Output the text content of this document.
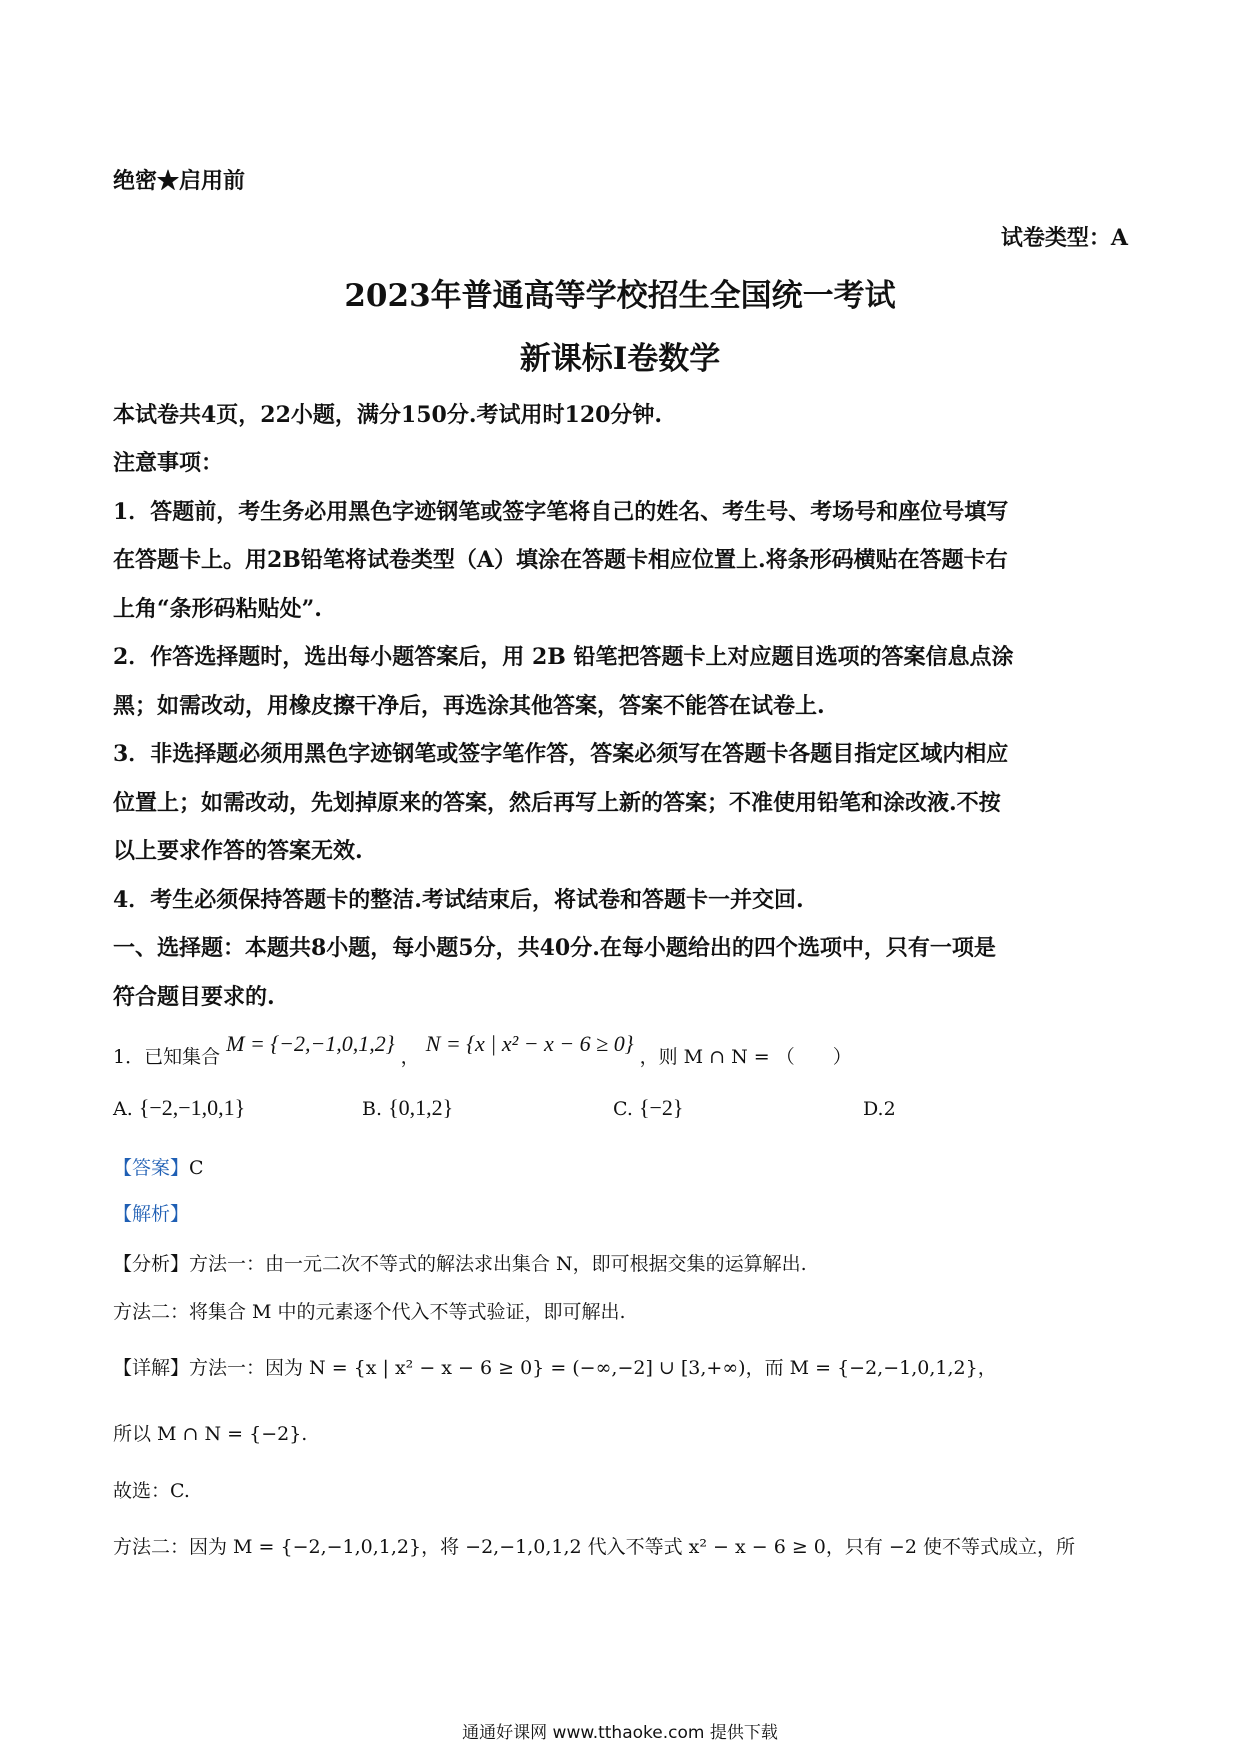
绝密★启用前
试卷类型：A
2023年普通高等学校招生全国统一考试
新课标Ⅰ卷数学
本试卷共4页，22小题，满分150分.考试用时120分钟.
注意事项：
1．答题前，考生务必用黑色字迹钢笔或签字笔将自己的姓名、考生号、考场号和座位号填写
在答题卡上。用2B铅笔将试卷类型（A）填涂在答题卡相应位置上.将条形码横贴在答题卡右
上角“条形码粘贴处”.
2．作答选择题时，选出每小题答案后，用 2B 铅笔把答题卡上对应题目选项的答案信息点涂
黑；如需改动，用橡皮擦干净后，再选涂其他答案，答案不能答在试卷上.
3．非选择题必须用黑色字迹钢笔或签字笔作答，答案必须写在答题卡各题目指定区域内相应
位置上；如需改动，先划掉原来的答案，然后再写上新的答案；不准使用铅笔和涂改液.不按
以上要求作答的答案无效.
4．考生必须保持答题卡的整洁.考试结束后，将试卷和答题卡一并交回.
一、选择题：本题共8小题，每小题5分，共40分.在每小题给出的四个选项中，只有一项是
符合题目要求的.
1．已知集合 M = {−2,−1,0,1,2} ， N = {x | x² − x − 6 ≥ 0} ，则 M ∩ N = （　　）
A. {−2,−1,0,1}	B. {0,1,2}	C. {−2}	D.2
【答案】C
【解析】
【分析】方法一：由一元二次不等式的解法求出集合 N，即可根据交集的运算解出.
方法二：将集合 M 中的元素逐个代入不等式验证，即可解出.
【详解】方法一：因为 N = {x | x² − x − 6 ≥ 0} = (−∞,−2] ∪ [3,+∞)，而 M = {−2,−1,0,1,2}，
所以 M ∩ N = {−2}.
故选：C.
方法二：因为 M = {−2,−1,0,1,2}，将 −2,−1,0,1,2 代入不等式 x² − x − 6 ≥ 0，只有 −2 使不等式成立，所
通通好课网 www.tthaoke.com 提供下载
